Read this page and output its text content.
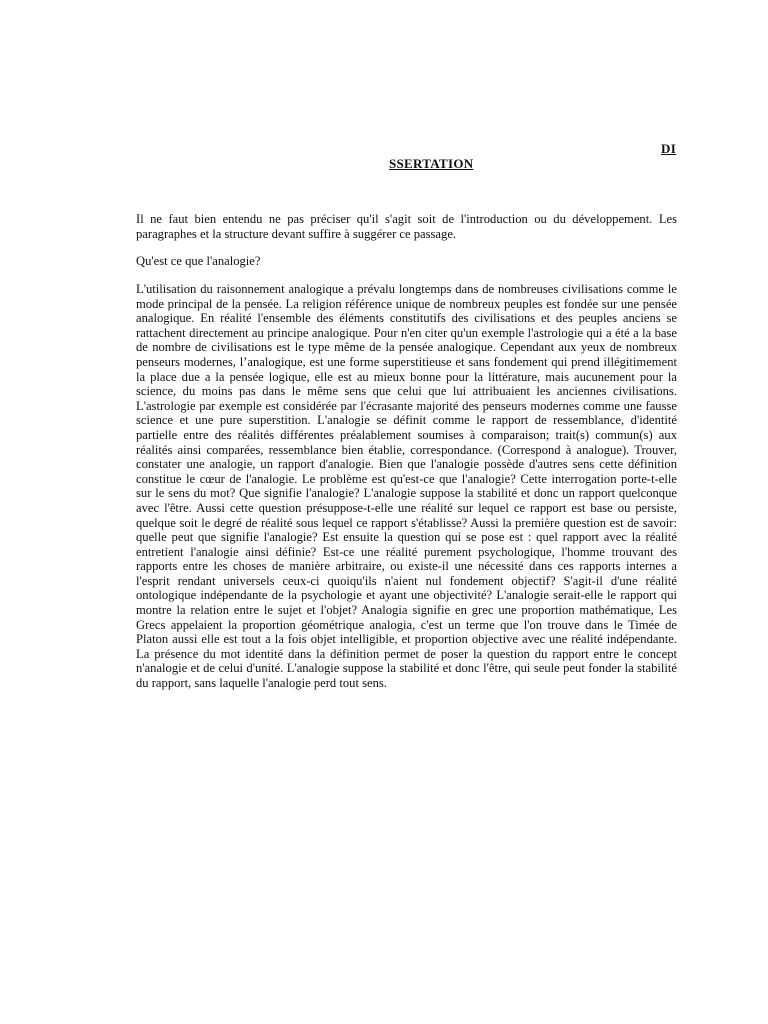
DI
SSERTATION

Il ne faut bien entendu ne pas préciser qu'il s'agit soit de l'introduction ou du développement. Les paragraphes et la structure devant suffire à suggérer ce passage.

Qu'est ce que l'analogie?

L'utilisation du raisonnement analogique a prévalu longtemps dans de nombreuses civilisations comme le mode principal de la pensée. La religion référence unique de nombreux peuples est fondée sur une pensée analogique. En réalité l'ensemble des éléments constitutifs des civilisations et des peuples anciens se rattachent directement au principe analogique. Pour n'en citer qu'un exemple l'astrologie qui a été a la base de nombre de civilisations est le type même de la pensée analogique. Cependant aux yeux de nombreux penseurs modernes, l’analogique, est une forme superstitieuse et sans fondement qui prend illégitimement la place due a la pensée logique, elle est au mieux bonne pour la littérature, mais aucunement pour la science, du moins pas dans le même sens que celui que lui attribuaient les anciennes civilisations. L'astrologie par exemple est considérée par l'écrasante majorité des penseurs modernes comme une fausse science et une pure superstition. L'analogie se définit comme le rapport de ressemblance, d'identité partielle entre des réalités différentes préalablement soumises à comparaison; trait(s) commun(s) aux réalités ainsi comparées, ressemblance bien établie, correspondance. (Correspond à analogue). Trouver, constater une analogie, un rapport d'analogie. Bien que l'analogie possède d'autres sens cette définition constitue le cœur de l'analogie. Le problème est qu'est-ce que l'analogie? Cette interrogation porte-t-elle sur le sens du mot? Que signifie l'analogie? L'analogie suppose la stabilité et donc un rapport quelconque avec l'être. Aussi cette question présuppose-t-elle une réalité sur lequel ce rapport est base ou persiste, quelque soit le degré de réalité sous lequel ce rapport s'établisse? Aussi la première question est de savoir: quelle peut que signifie l'analogie? Est ensuite la question qui se pose est : quel rapport avec la réalité entretient l'analogie ainsi définie? Est-ce une réalité purement psychologique, l'homme trouvant des rapports entre les choses de manière arbitraire, ou existe-il une nécessité dans ces rapports internes a l'esprit rendant universels ceux-ci quoiqu'ils n'aient nul fondement objectif? S'agit-il d'une réalité ontologique indépendante de la psychologie et ayant une objectivité? L'analogie serait-elle le rapport qui montre la relation entre le sujet et l'objet? Analogia signifie en grec une proportion mathématique, Les Grecs appelaient la proportion géométrique analogia, c'est un terme que l'on trouve dans le Timée de Platon aussi elle est tout a la fois objet intelligible, et proportion objective avec une réalité indépendante. La présence du mot identité dans la définition permet de poser la question du rapport entre le concept n'analogie et de celui d'unité. L'analogie suppose la stabilité et donc l'être, qui seule peut fonder la stabilité du rapport, sans laquelle l'analogie perd tout sens.
